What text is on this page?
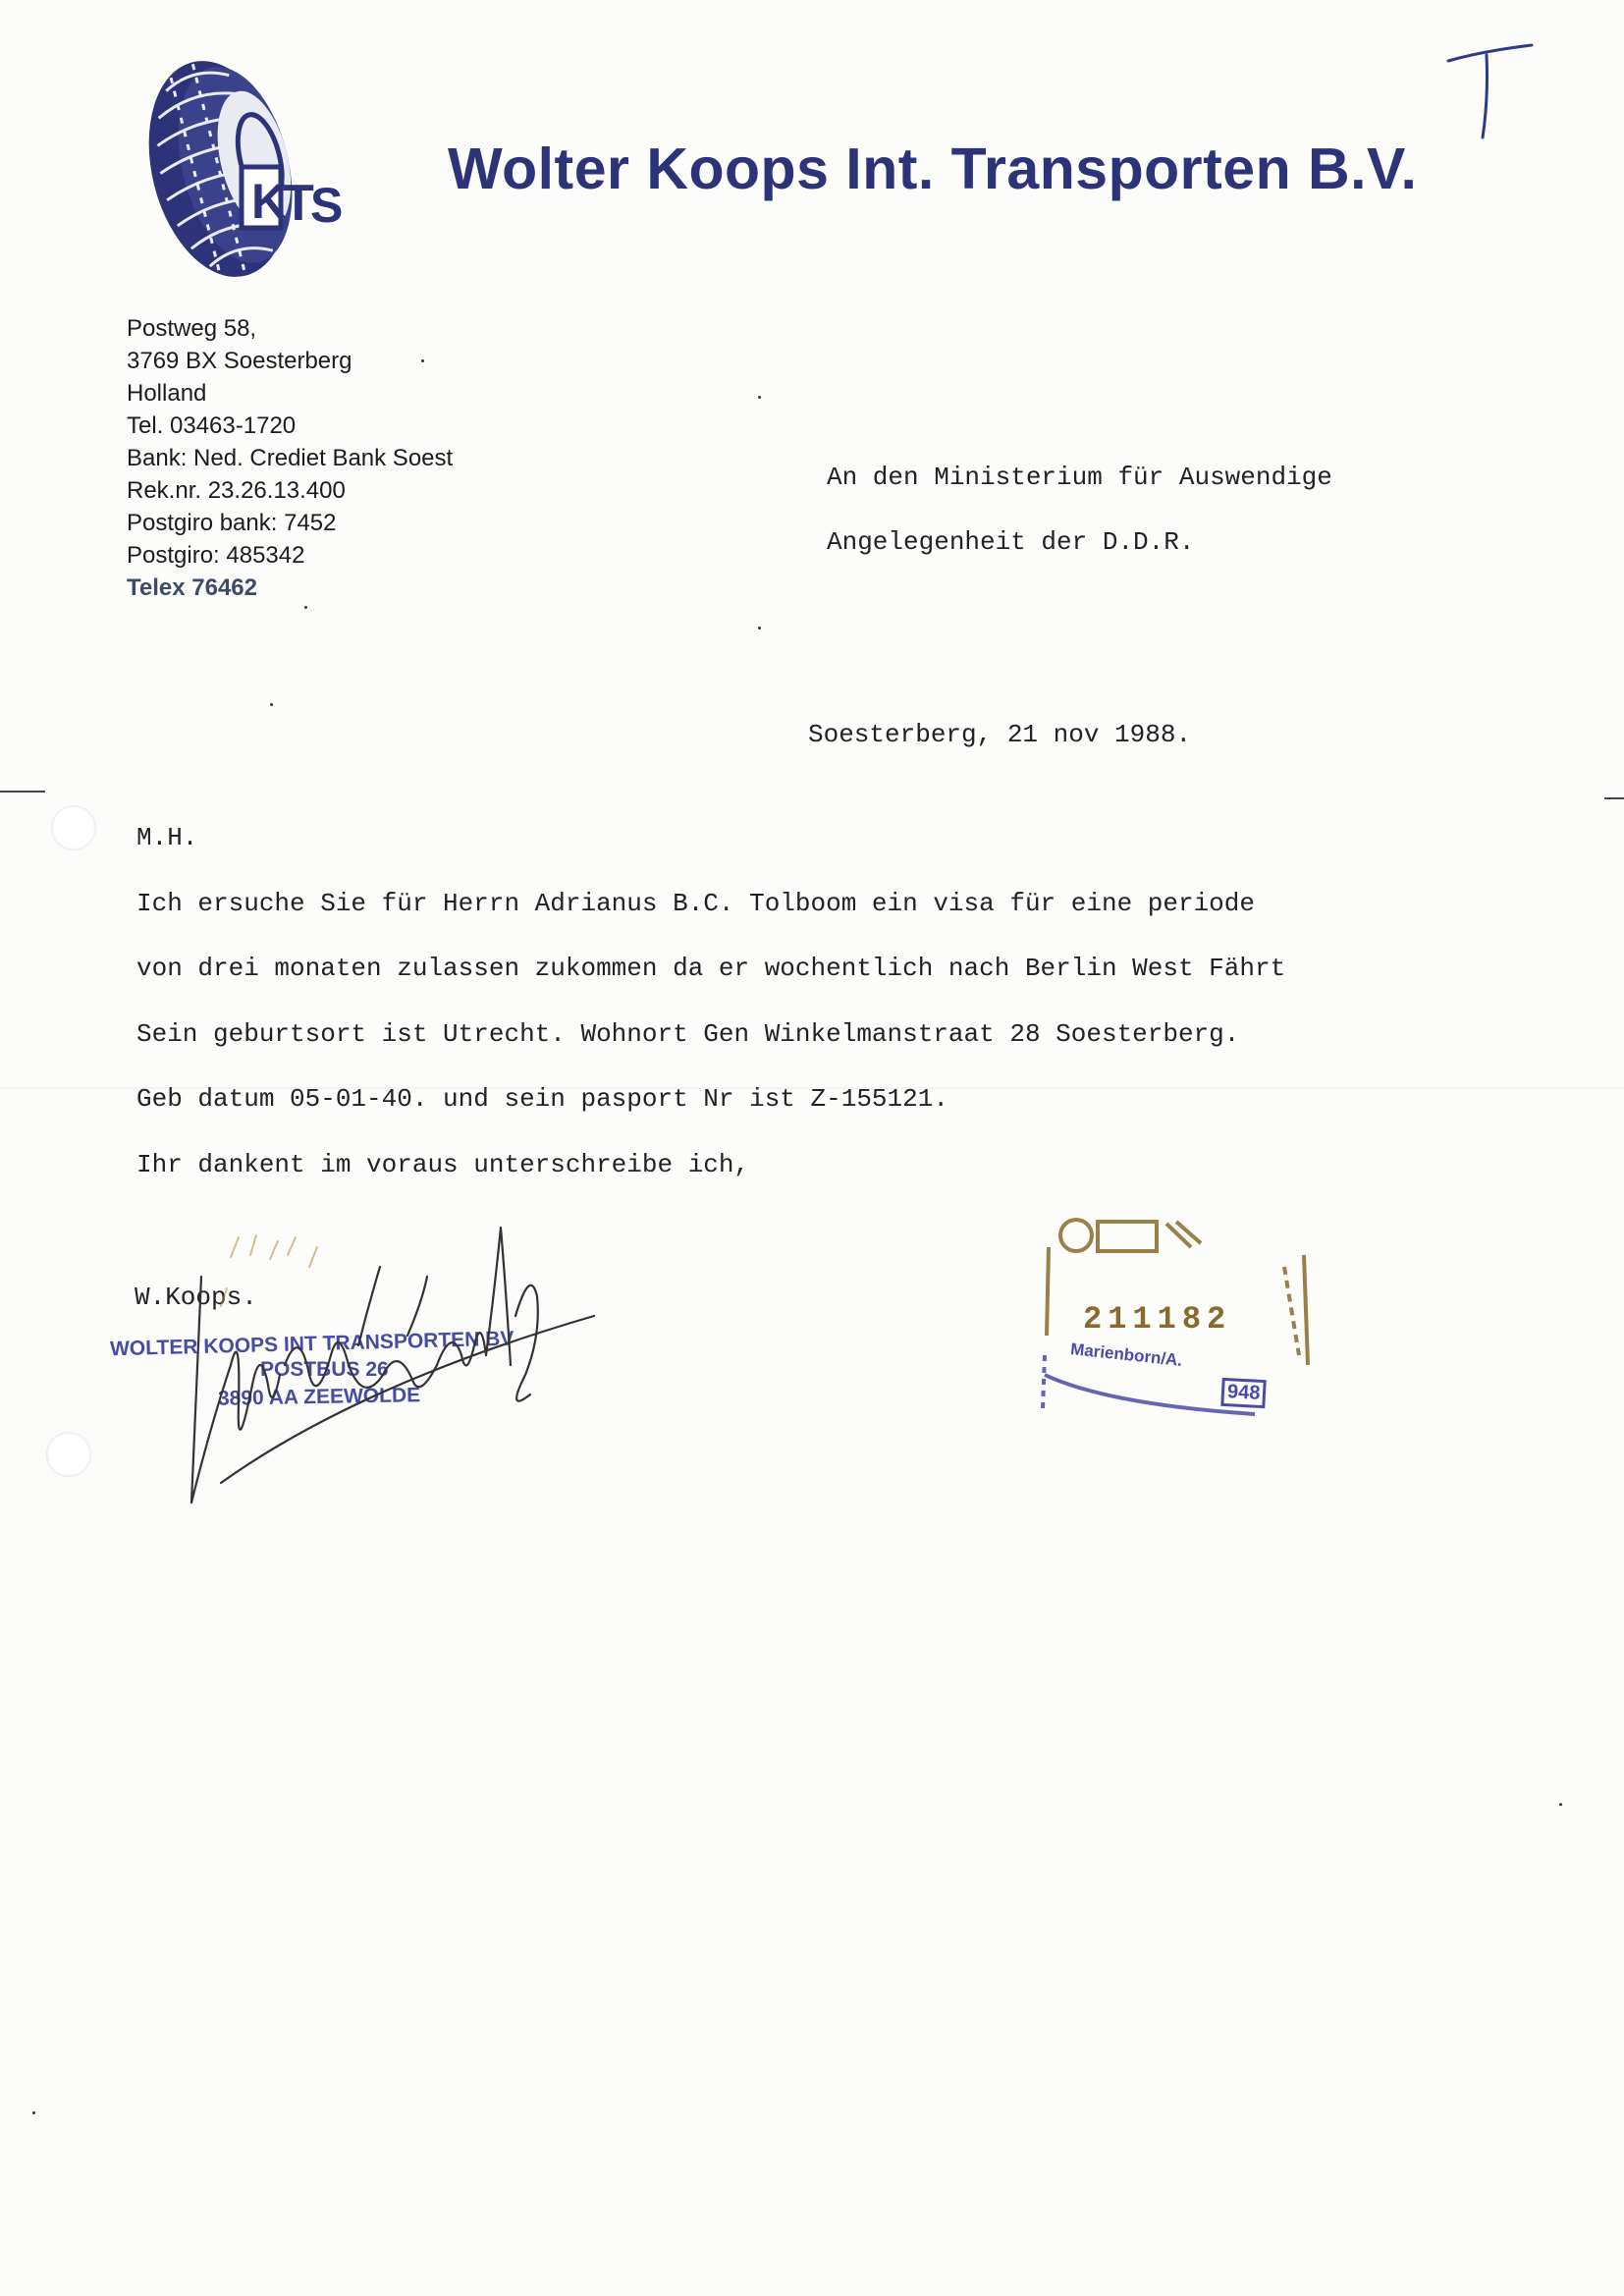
K
T
S
Wolter Koops Int. Transporten B.V.
Postweg 58,
3769 BX Soesterberg
Holland
Tel. 03463-1720
Bank: Ned. Crediet Bank Soest
Rek.nr. 23.26.13.400
Postgiro bank: 7452
Postgiro: 485342
Telex 76462
An den Ministerium für Auswendige
Angelegenheit der D.D.R.
Soesterberg, 21 nov 1988.
M.H.
Ich ersuche Sie für Herrn Adrianus B.C. Tolboom ein visa für eine periode
von drei monaten zulassen zukommen da er wochentlich nach Berlin West Fährt
Sein geburtsort ist Utrecht. Wohnort Gen Winkelmanstraat 28 Soesterberg.
Geb datum 05-01-40. und sein pasport Nr ist Z-155121.
Ihr dankent im voraus unterschreibe ich,
W.Koops.
WOLTER KOOPS INT TRANSPORTEN BV
POSTBUS 26
3890 AA ZEEWOLDE
211182
Marienborn/A.
948
